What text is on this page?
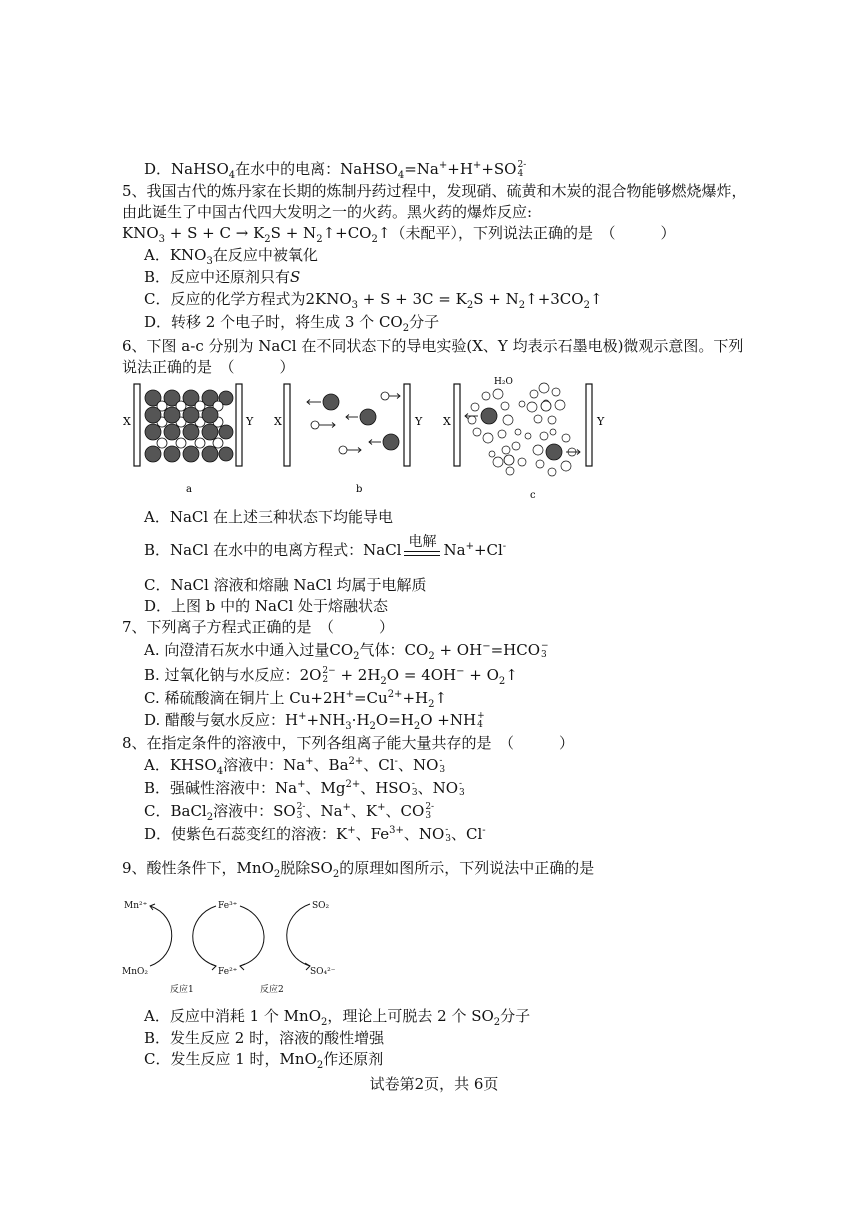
D．NaHSO$_4$在水中的电离：NaHSO$_4$=Na++H++SO 2-
4
5、我国古代的炼丹家在长期的炼制丹药过程中，发现硝、硫黄和木炭的混合物能够燃烧爆炸，
由此诞生了中国古代四大发明之一的火药。黑火药的爆炸反应:
$KNO_3 + S + C \to K_2S$ + $N_2↑+CO_2↑$（未配平），下列说法正确的是　（　　　）
A．$KNO_3$在反应中被氧化
B．反应中还原剂只有S
C．反应的化学方程式为$2KNO_3 + S + 3C = K_2S$ + $N_2↑+3CO_2↑$
D．转移 2 个电子时，将生成 3 个 $CO_2$分子
6、下图 a-c 分别为 NaCl 在不同状态下的导电实验(X、Y 均表示石墨电极)微观示意图。下列
说法正确的是　（　　　）
X	Y
a
X	Y
b
X	Y
H₂O
c
A．NaCl 在上述三种状态下均能导电
B．NaCl 在水中的电离方程式：NaCl 电解 Na++Cl-
C．NaCl 溶液和熔融 NaCl 均属于电解质
D．上图 b 中的 NaCl 处于熔融状态
7、下列离子方程式正确的是　（　　　）
A. 向澄清石灰水中通入过量$CO_2$气体：$CO_2 + OH^-=HCO$ −
3
B. 过氧化钠与水反应：2O 2−
$2 + 2H_2O = 4OH^-$ + $O_2↑$
C. 稀硫酸滴在铜片上 $Cu+2H^+=Cu^{2+}+H_2↑$
D. 醋酸与氨水反应：$H^++NH_3\cdot H_2O=H_2O +NH$ +
4
8、在指定条件的溶液中，下列各组离子能大量共存的是　（　　　）
A．$KHSO_4$溶液中：Na+、$Ba^{2+}$、Cl-、NO -
3
B．强碱性溶液中：Na+、$Mg^{2+}$、HSO -
3 、NO -
3
C．BaCl$_2$溶液中：SO 2-
3 、Na+、K+、CO 2-
3
D．使紫色石蕊变红的溶液：K+、$Fe^{3+}$、NO -
3 、Cl-
9、酸性条件下，MnO$_2$脱除$SO_2$的原理如图所示，下列说法中正确的是
Mn²⁺	Fe³⁺	SO₂
MnO₂	Fe²⁺	SO₄²⁻
反应1	反应2
A．反应中消耗 1 个 MnO$_2$，理论上可脱去 2 个 $SO_2$分子
B．发生反应 2 时，溶液的酸性增强
C．发生反应 1 时，MnO$_2$作还原剂
试卷第2页，共 6页
